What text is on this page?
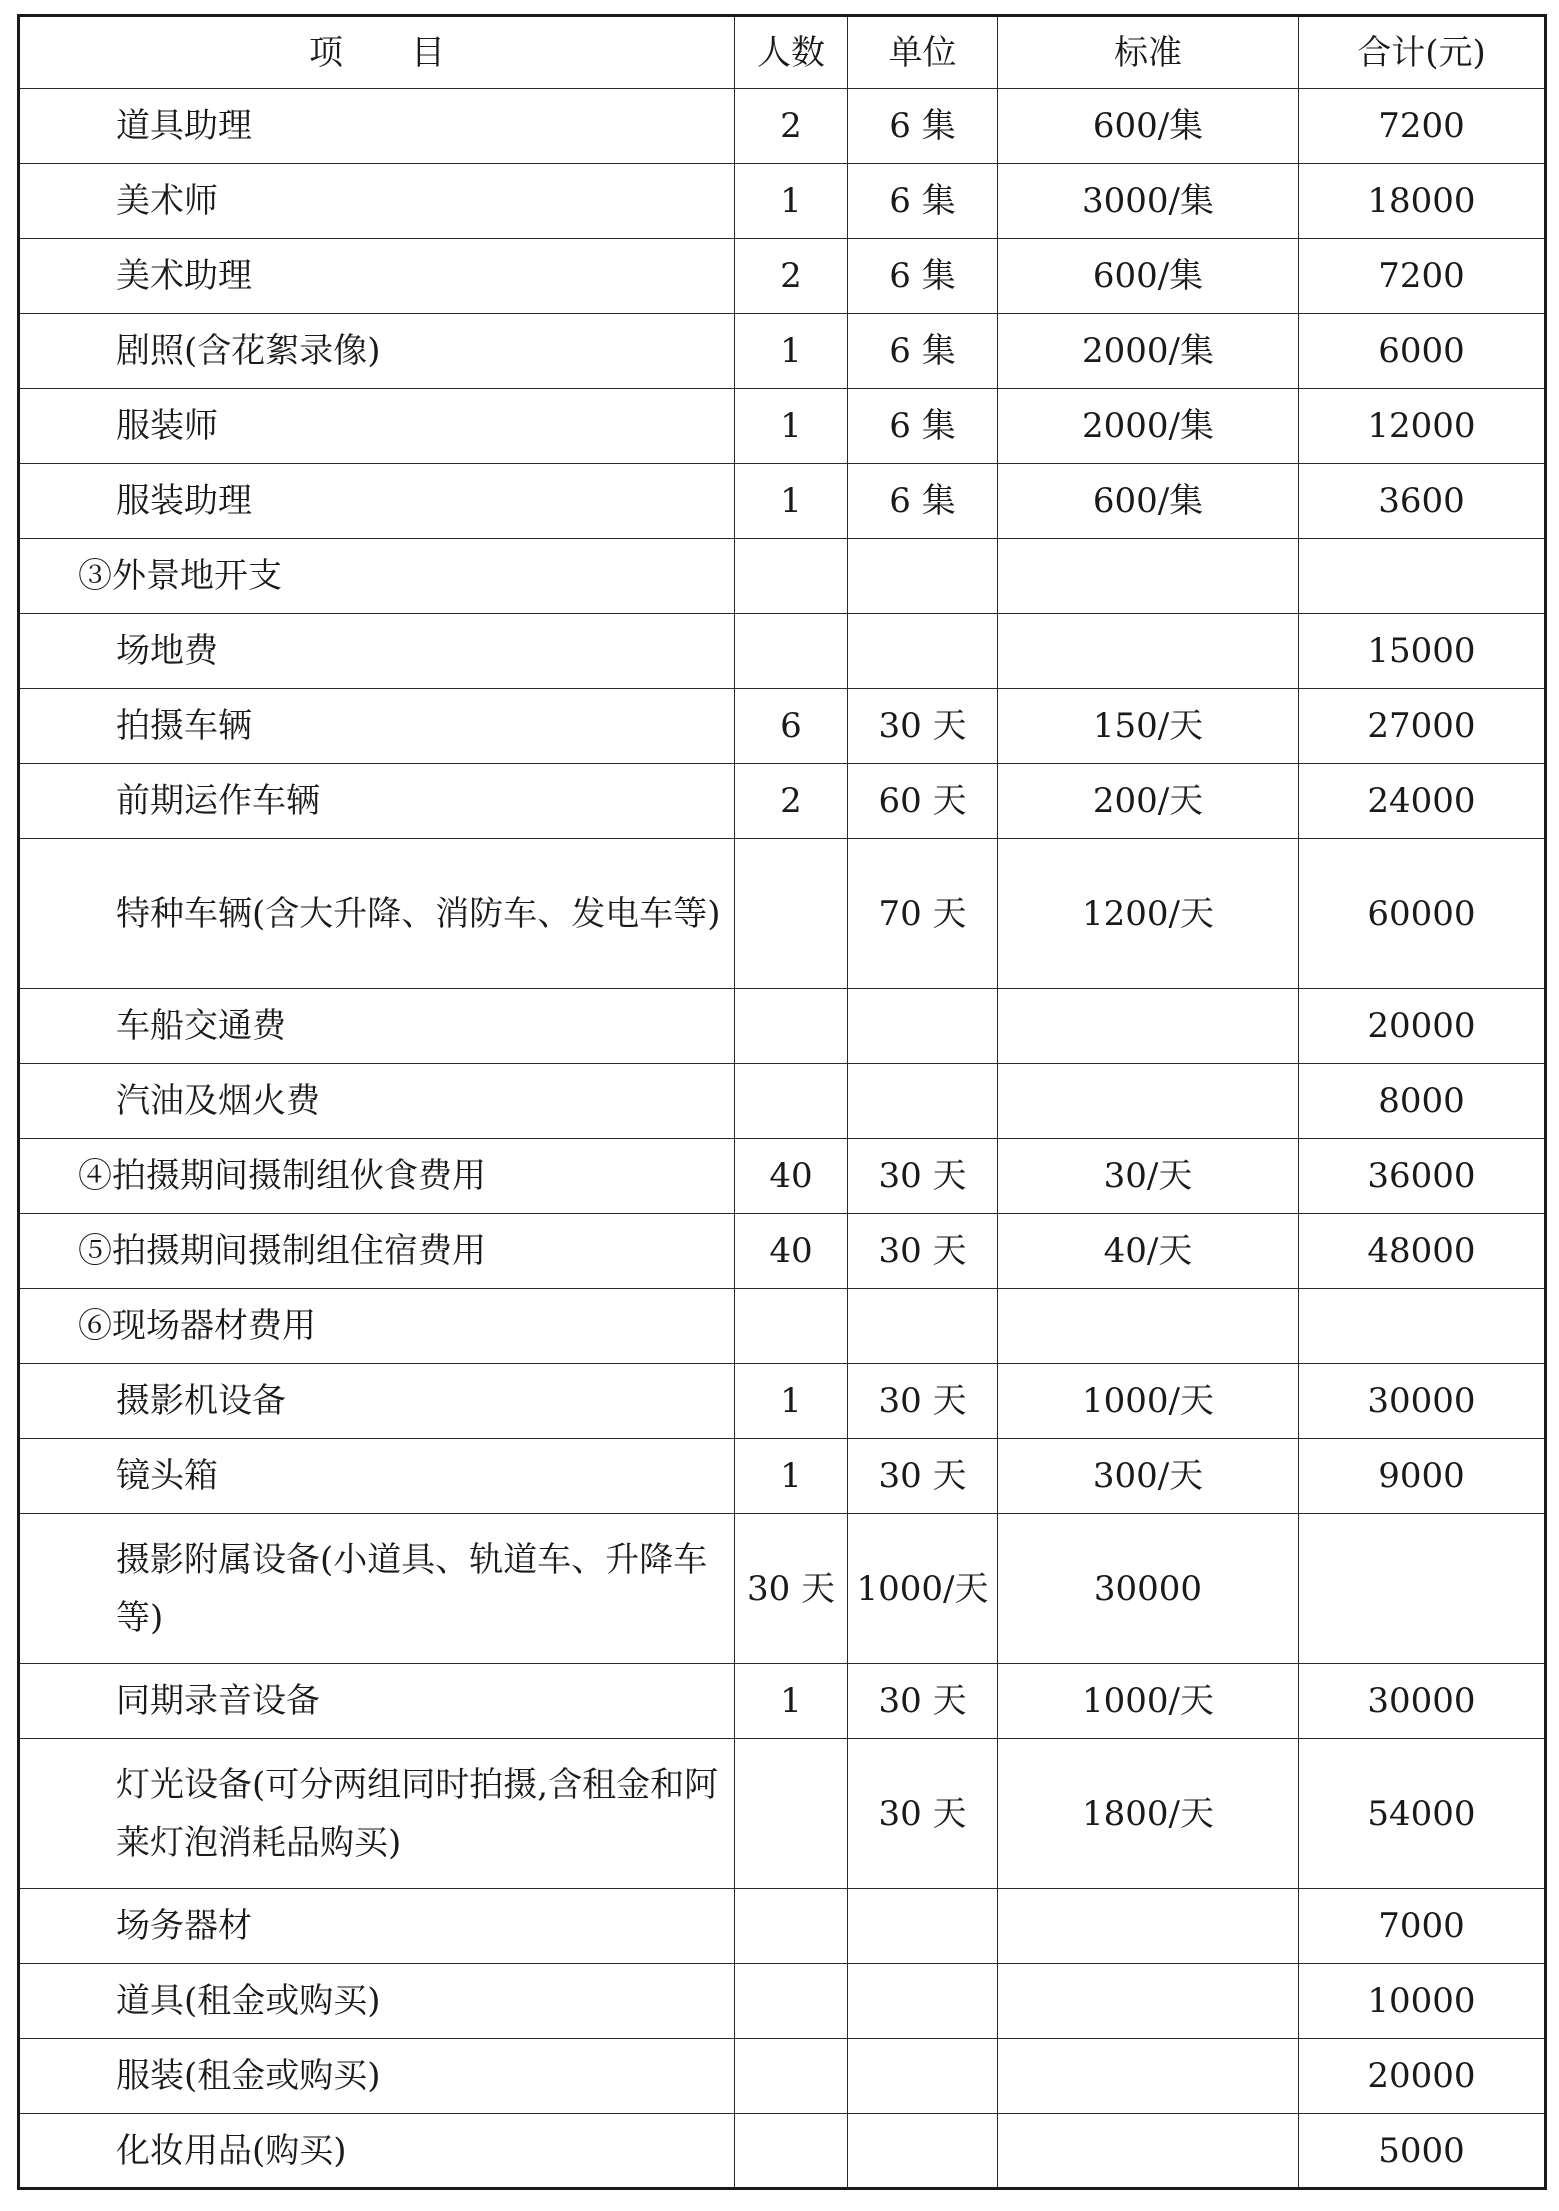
项　　目	人数	单位	标准	合计(元)
道具助理	2	6 集	600/集	7200
美术师	1	6 集	3000/集	18000
美术助理	2	6 集	600/集	7200
剧照(含花絮录像)	1	6 集	2000/集	6000
服装师	1	6 集	2000/集	12000
服装助理	1	6 集	600/集	3600
③外景地开支				
场地费				15000
拍摄车辆	6	30 天	150/天	27000
前期运作车辆	2	60 天	200/天	24000
特种车辆(含大升降、消防车、发电车等)		70 天	1200/天	60000
车船交通费				20000
汽油及烟火费				8000
④拍摄期间摄制组伙食费用	40	30 天	30/天	36000
⑤拍摄期间摄制组住宿费用	40	30 天	40/天	48000
⑥现场器材费用				
摄影机设备	1	30 天	1000/天	30000
镜头箱	1	30 天	300/天	9000
摄影附属设备(小道具、轨道车、升降车等)	30 天	1000/天	30000	
同期录音设备	1	30 天	1000/天	30000
灯光设备(可分两组同时拍摄,含租金和阿莱灯泡消耗品购买)		30 天	1800/天	54000
场务器材				7000
道具(租金或购买)				10000
服装(租金或购买)				20000
化妆用品(购买)				5000
